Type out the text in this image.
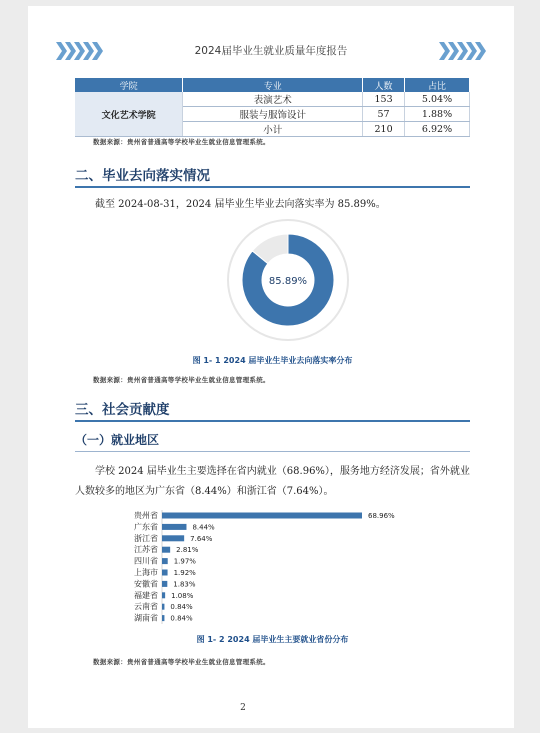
2024届毕业生就业质量年度报告
学院	专业	人数	占比
文化艺术学院	表演艺术	153	5.04%
	服装与服饰设计	57	1.88%
	小计	210	6.92%
数据来源：贵州省普通高等学校毕业生就业信息管理系统。
二、毕业去向落实情况
截至 2024-08-31，2024 届毕业生毕业去向落实率为 85.89%。
85.89%
图 1- 1 2024 届毕业生毕业去向落实率分布
数据来源：贵州省普通高等学校毕业生就业信息管理系统。
三、社会贡献度
（一）就业地区
学校 2024 届毕业生主要选择在省内就业（68.96%），服务地方经济发展；省外就业人数较多的地区为广东省（8.44%）和浙江省（7.64%）。
贵州省	68.96%
广东省	8.44%
浙江省	7.64%
江苏省	2.81%
四川省 1.97%
上海市 1.92%
安徽省 1.83%
福建省 1.08%
云南省 0.84%
湖南省 0.84%
图 1- 2 2024 届毕业生主要就业省份分布
数据来源：贵州省普通高等学校毕业生就业信息管理系统。
2
